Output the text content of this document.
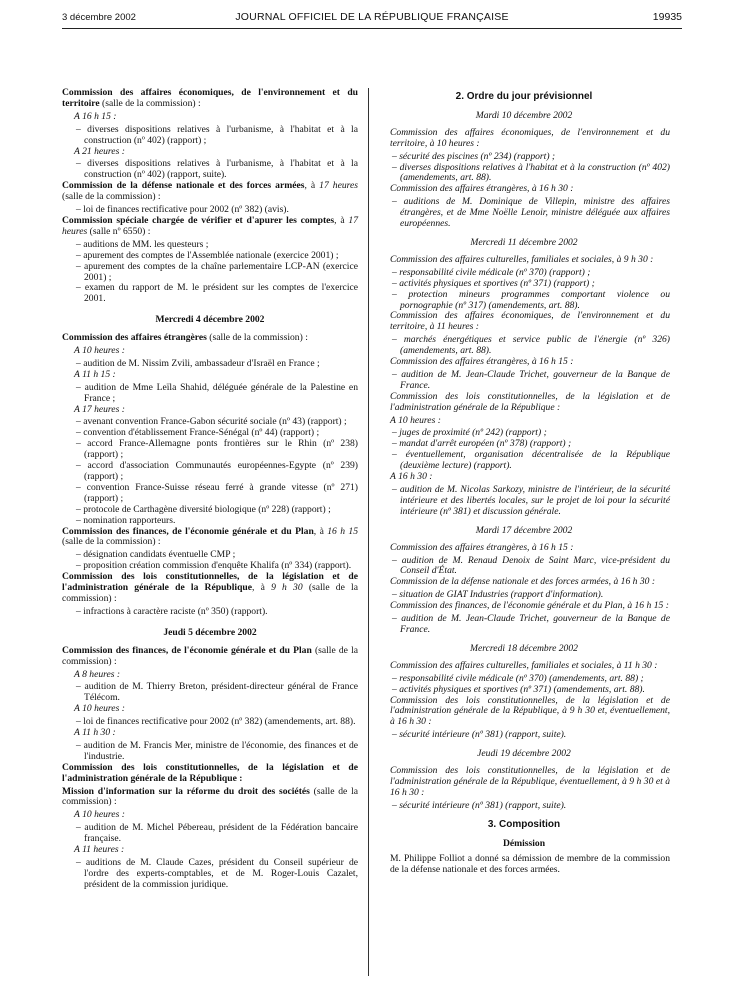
3 décembre 2002	JOURNAL OFFICIEL DE LA RÉPUBLIQUE FRANÇAISE	19935

Commission des affaires économiques, de l'environnement et du territoire (salle de la commission) :

A 16 h 15 :

– diverses dispositions relatives à l'urbanisme, à l'habitat et à la construction (nº 402) (rapport) ;

A 21 heures :

– diverses dispositions relatives à l'urbanisme, à l'habitat et à la construction (nº 402) (rapport, suite).

Commission de la défense nationale et des forces armées, à 17 heures (salle de la commission) :

– loi de finances rectificative pour 2002 (nº 382) (avis).

Commission spéciale chargée de vérifier et d'apurer les comptes, à 17 heures (salle nº 6550) :

– auditions de MM. les questeurs ;

– apurement des comptes de l'Assemblée nationale (exercice 2001) ;

– apurement des comptes de la chaîne parlementaire LCP-AN (exercice 2001) ;

– examen du rapport de M. le président sur les comptes de l'exercice 2001.

Mercredi 4 décembre 2002

Commission des affaires étrangères (salle de la commission) :

A 10 heures :

– audition de M. Nissim Zvili, ambassadeur d'Israël en France ;

A 11 h 15 :

– audition de Mme Leïla Shahid, déléguée générale de la Palestine en France ;

A 17 heures :

– avenant convention France-Gabon sécurité sociale (nº 43) (rapport) ;

– convention d'établissement France-Sénégal (nº 44) (rapport) ;

– accord France-Allemagne ponts frontières sur le Rhin (nº 238) (rapport) ;

– accord d'association Communautés européennes-Egypte (nº 239) (rapport) ;

– convention France-Suisse réseau ferré à grande vitesse (nº 271) (rapport) ;

– protocole de Carthagène diversité biologique (nº 228) (rapport) ;

– nomination rapporteurs.

Commission des finances, de l'économie générale et du Plan, à 16 h 15 (salle de la commission) :

– désignation candidats éventuelle CMP ;

– proposition création commission d'enquête Khalifa (nº 334) (rapport).

Commission des lois constitutionnelles, de la législation et de l'administration générale de la République, à 9 h 30 (salle de la commission) :

– infractions à caractère raciste (nº 350) (rapport).

Jeudi 5 décembre 2002

Commission des finances, de l'économie générale et du Plan (salle de la commission) :

A 8 heures :

– audition de M. Thierry Breton, président-directeur général de France Télécom.

A 10 heures :

– loi de finances rectificative pour 2002 (nº 382) (amendements, art. 88).

A 11 h 30 :

– audition de M. Francis Mer, ministre de l'économie, des finances et de l'industrie.

Commission des lois constitutionnelles, de la législation et de l'administration générale de la République :

Mission d'information sur la réforme du droit des sociétés (salle de la commission) :

A 10 heures :

– audition de M. Michel Pébereau, président de la Fédération bancaire française.

A 11 heures :

– auditions de M. Claude Cazes, président du Conseil supérieur de l'ordre des experts-comptables, et de M. Roger-Louis Cazalet, président de la commission juridique.

2. Ordre du jour prévisionnel

Mardi 10 décembre 2002

Commission des affaires économiques, de l'environnement et du territoire, à 10 heures :

– sécurité des piscines (nº 234) (rapport) ;

– diverses dispositions relatives à l'habitat et à la construction (nº 402) (amendements, art. 88).

Commission des affaires étrangères, à 16 h 30 :

– auditions de M. Dominique de Villepin, ministre des affaires étrangères, et de Mme Noëlle Lenoir, ministre déléguée aux affaires européennes.

Mercredi 11 décembre 2002

Commission des affaires culturelles, familiales et sociales, à 9 h 30 :

– responsabilité civile médicale (nº 370) (rapport) ;

– activités physiques et sportives (nº 371) (rapport) ;

– protection mineurs programmes comportant violence ou pornographie (nº 317) (amendements, art. 88).

Commission des affaires économiques, de l'environnement et du territoire, à 11 heures :

– marchés énergétiques et service public de l'énergie (nº 326) (amendements, art. 88).

Commission des affaires étrangères, à 16 h 15 :

– audition de M. Jean-Claude Trichet, gouverneur de la Banque de France.

Commission des lois constitutionnelles, de la législation et de l'administration générale de la République :

A 10 heures :

– juges de proximité (nº 242) (rapport) ;

– mandat d'arrêt européen (nº 378) (rapport) ;

– éventuellement, organisation décentralisée de la République (deuxième lecture) (rapport).

A 16 h 30 :

– audition de M. Nicolas Sarkozy, ministre de l'intérieur, de la sécurité intérieure et des libertés locales, sur le projet de loi pour la sécurité intérieure (nº 381) et discussion générale.

Mardi 17 décembre 2002

Commission des affaires étrangères, à 16 h 15 :

– audition de M. Renaud Denoix de Saint Marc, vice-président du Conseil d'État.

Commission de la défense nationale et des forces armées, à 16 h 30 :

– situation de GIAT Industries (rapport d'information).

Commission des finances, de l'économie générale et du Plan, à 16 h 15 :

– audition de M. Jean-Claude Trichet, gouverneur de la Banque de France.

Mercredi 18 décembre 2002

Commission des affaires culturelles, familiales et sociales, à 11 h 30 :

– responsabilité civile médicale (nº 370) (amendements, art. 88) ;

– activités physiques et sportives (nº 371) (amendements, art. 88).

Commission des lois constitutionnelles, de la législation et de l'administration générale de la République, à 9 h 30 et, éventuellement, à 16 h 30 :

– sécurité intérieure (nº 381) (rapport, suite).

Jeudi 19 décembre 2002

Commission des lois constitutionnelles, de la législation et de l'administration générale de la République, éventuellement, à 9 h 30 et à 16 h 30 :

– sécurité intérieure (nº 381) (rapport, suite).

3. Composition

Démission

M. Philippe Folliot a donné sa démission de membre de la commission de la défense nationale et des forces armées.
